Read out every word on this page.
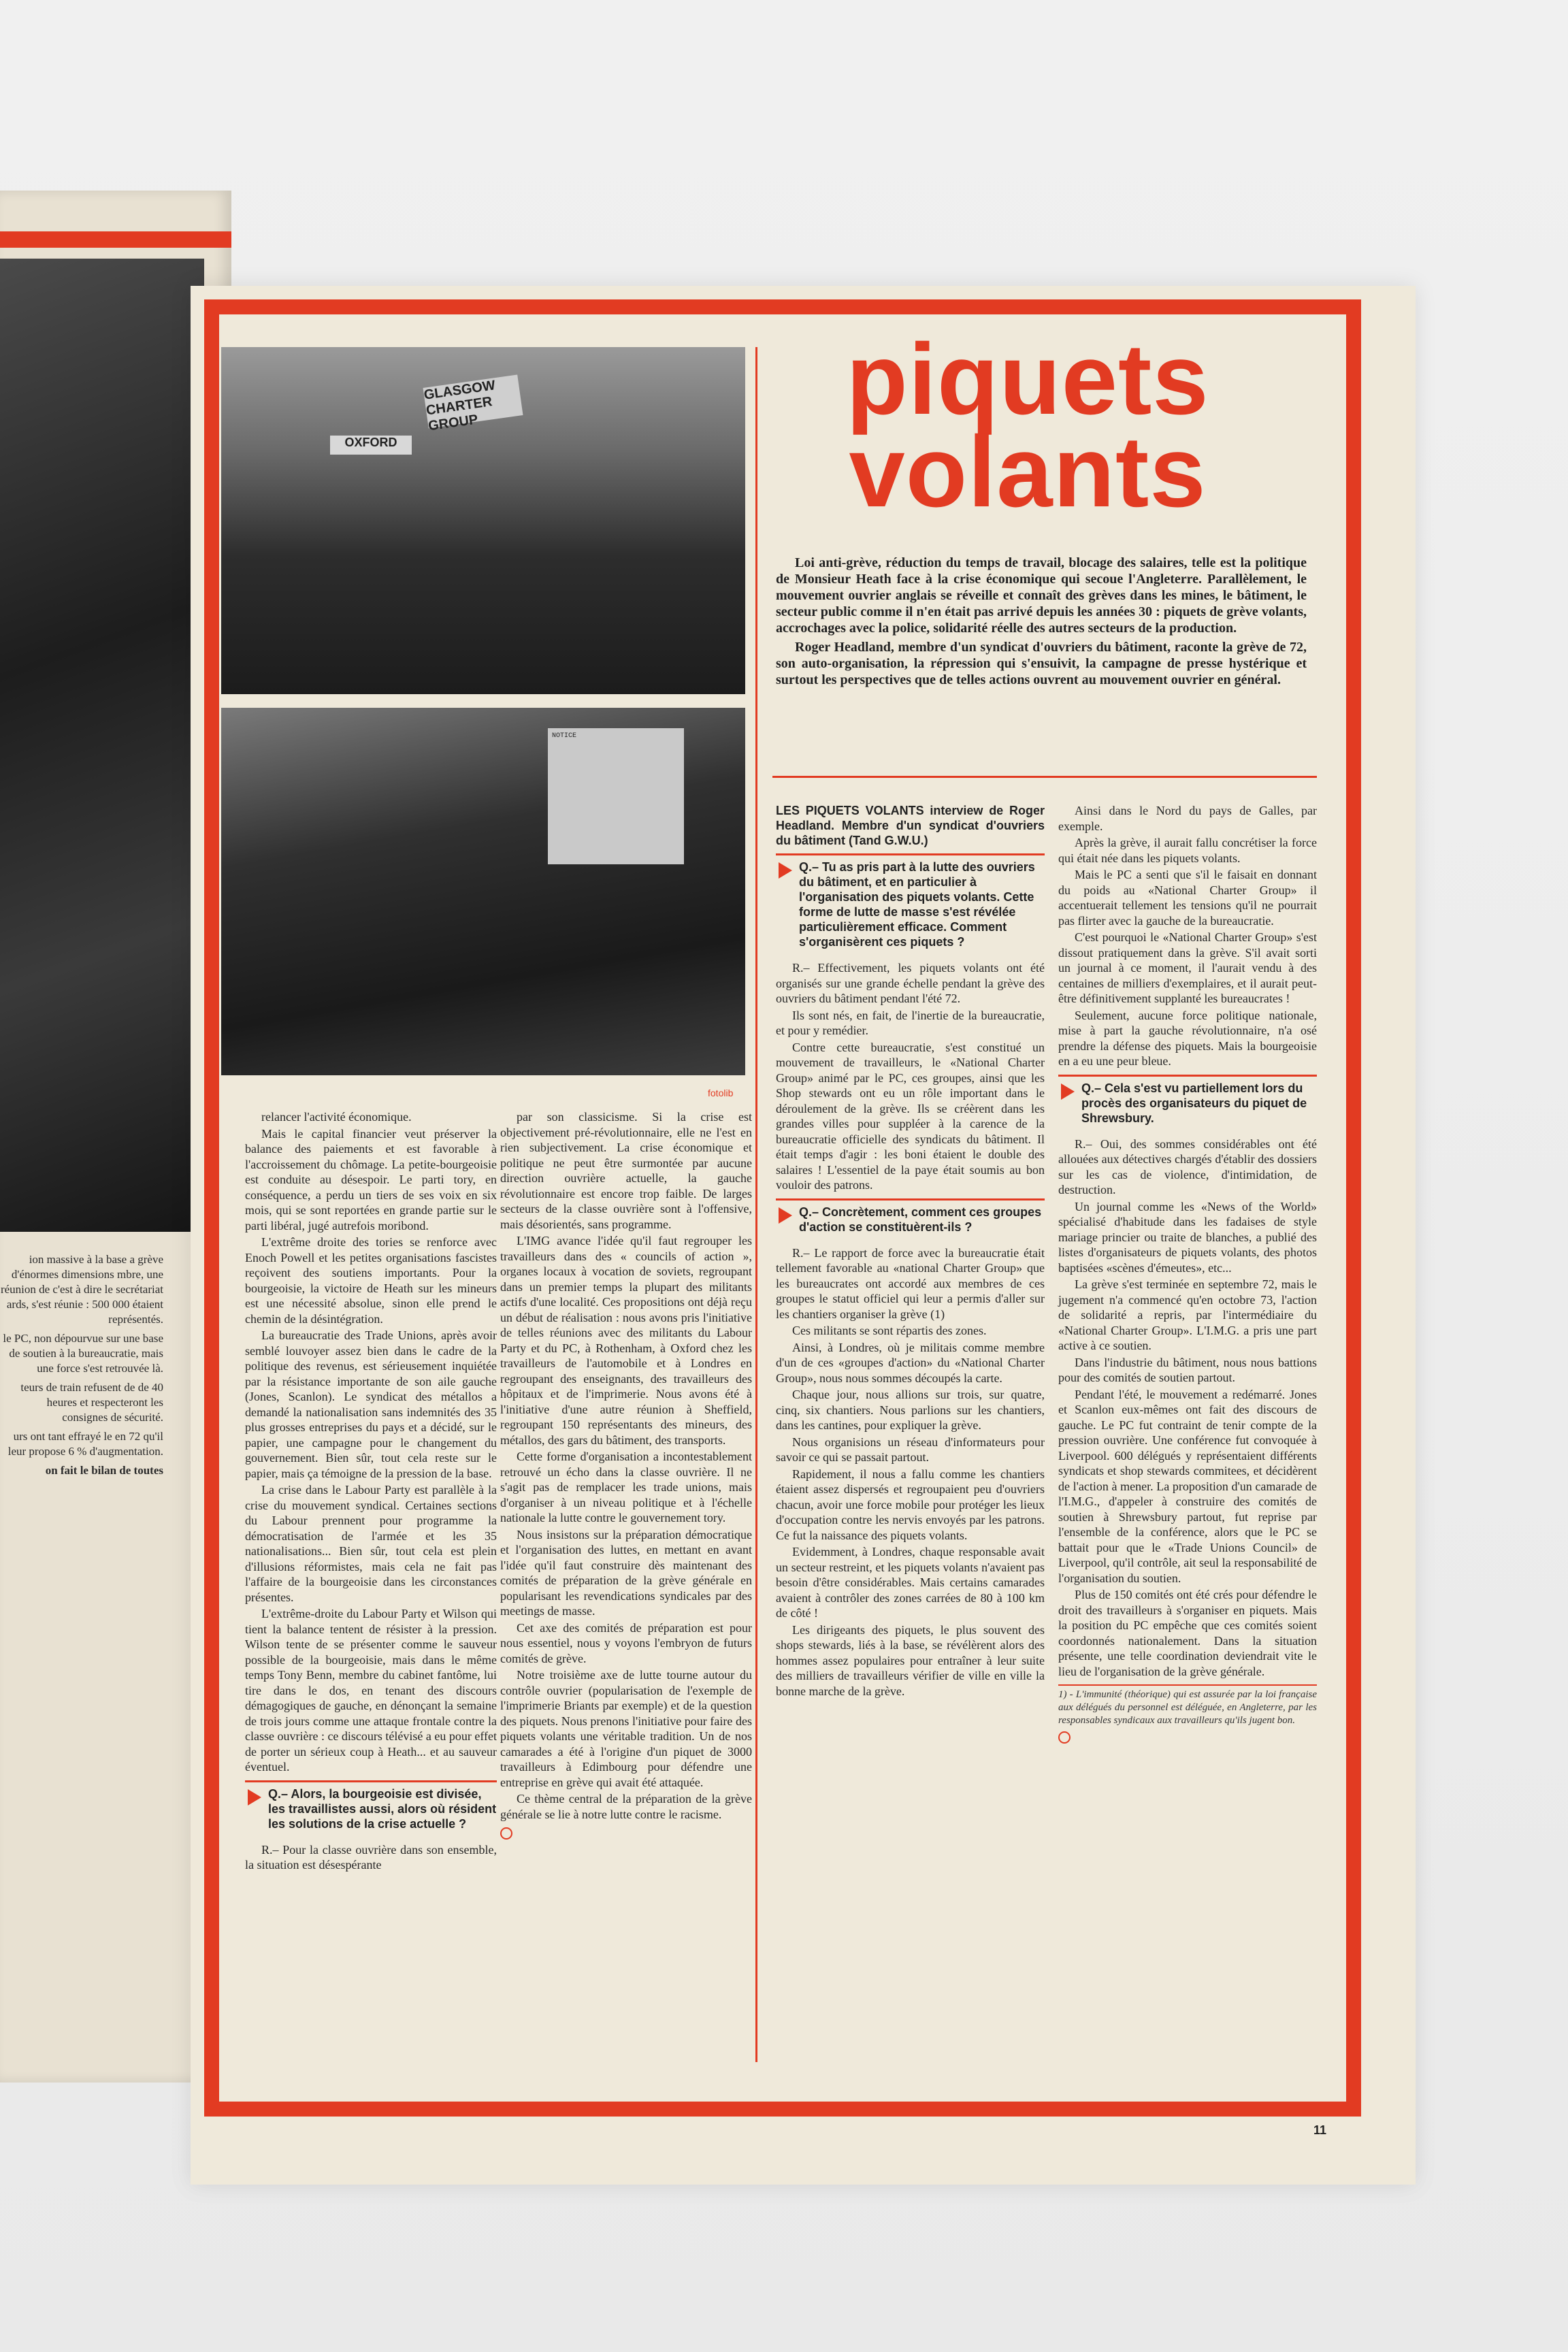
ion massive à la base a grève d'énormes dimensions mbre, une réunion de c'est à dire le secrétariat ards, s'est réunie : 500 000 étaient représentés.

le PC, non dépourvue sur une base de soutien à la bureaucratie, mais une force s'est retrouvée là.

teurs de train refusent de de 40 heures et respecteront les consignes de sécurité.

urs ont tant effrayé le en 72 qu'il leur propose 6 % d'augmentation.

on fait le bilan de toutes

GLASGOW CHARTER GROUP
OXFORD
NOTICE
fotolib
piquets
volants

Loi anti-grève, réduction du temps de travail, blocage des salaires, telle est la politique de Monsieur Heath face à la crise économique qui secoue l'Angleterre. Parallèlement, le mouvement ouvrier anglais se réveille et connaît des grèves dans les mines, le bâtiment, le secteur public comme il n'en était pas arrivé depuis les années 30 : piquets de grève volants, accrochages avec la police, solidarité réelle des autres secteurs de la production.

Roger Headland, membre d'un syndicat d'ouvriers du bâtiment, raconte la grève de 72, son auto-organisation, la répression qui s'ensuivit, la campagne de presse hystérique et surtout les perspectives que de telles actions ouvrent au mouvement ouvrier en général.

relancer l'activité économique.

Mais le capital financier veut préserver la balance des paiements et est favorable à l'accroissement du chômage. La petite-bourgeoisie est conduite au désespoir. Le parti tory, en conséquence, a perdu un tiers de ses voix en six mois, qui se sont reportées en grande partie sur le parti libéral, jugé autrefois moribond.

L'extrême droite des tories se renforce avec Enoch Powell et les petites organisations fascistes reçoivent des soutiens importants. Pour la bourgeoisie, la victoire de Heath sur les mineurs est une nécessité absolue, sinon elle prend le chemin de la désintégration.

La bureaucratie des Trade Unions, après avoir semblé louvoyer assez bien dans le cadre de la politique des revenus, est sérieusement inquiétée par la résistance importante de son aile gauche (Jones, Scanlon). Le syndicat des métallos a demandé la nationalisation sans indemnités des 35 plus grosses entreprises du pays et a décidé, sur le papier, une campagne pour le changement du gouvernement. Bien sûr, tout cela reste sur le papier, mais ça témoigne de la pression de la base.

La crise dans le Labour Party est parallèle à la crise du mouvement syndical. Certaines sections du Labour prennent pour programme la démocratisation de l'armée et les 35 nationalisations... Bien sûr, tout cela est plein d'illusions réformistes, mais cela ne fait pas l'affaire de la bourgeoisie dans les circonstances présentes.

L'extrême-droite du Labour Party et Wilson qui tient la balance tentent de résister à la pression. Wilson tente de se présenter comme le sauveur possible de la bourgeoisie, mais dans le même temps Tony Benn, membre du cabinet fantôme, lui tire dans le dos, en tenant des discours démagogiques de gauche, en dénonçant la semaine de trois jours comme une attaque frontale contre la classe ouvrière : ce discours télévisé a eu pour effet de porter un sérieux coup à Heath... et au sauveur éventuel.

Q.– Alors, la bourgeoisie est divisée, les travaillistes aussi, alors où résident les solutions de la crise actuelle ?

R.– Pour la classe ouvrière dans son ensemble, la situation est désespérante

par son classicisme. Si la crise est objectivement pré-révolutionnaire, elle ne l'est en rien subjectivement. La crise économique et politique ne peut être surmontée par aucune direction ouvrière actuelle, la gauche révolutionnaire est encore trop faible. De larges secteurs de la classe ouvrière sont à l'offensive, mais désorientés, sans programme.

L'IMG avance l'idée qu'il faut regrouper les travailleurs dans des « councils of action », organes locaux à vocation de soviets, regroupant dans un premier temps la plupart des militants actifs d'une localité. Ces propositions ont déjà reçu un début de réalisation : nous avons pris l'initiative de telles réunions avec des militants du Labour Party et du PC, à Rothenham, à Oxford chez les travailleurs de l'automobile et à Londres en regroupant des enseignants, des travailleurs des hôpitaux et de l'imprimerie. Nous avons été à l'initiative d'une autre réunion à Sheffield, regroupant 150 représentants des mineurs, des métallos, des gars du bâtiment, des transports.

Cette forme d'organisation a incontestablement retrouvé un écho dans la classe ouvrière. Il ne s'agit pas de remplacer les trade unions, mais d'organiser à un niveau politique et à l'échelle nationale la lutte contre le gouvernement tory.

Nous insistons sur la préparation démocratique et l'organisation des luttes, en mettant en avant l'idée qu'il faut construire dès maintenant des comités de préparation de la grève générale en popularisant les revendications syndicales par des meetings de masse.

Cet axe des comités de préparation est pour nous essentiel, nous y voyons l'embryon de futurs comités de grève.

Notre troisième axe de lutte tourne autour du contrôle ouvrier (popularisation de l'exemple de l'imprimerie Briants par exemple) et de la question des piquets. Nous prenons l'initiative pour faire des piquets volants une véritable tradition. Un de nos camarades a été à l'origine d'un piquet de 3000 travailleurs à Edimbourg pour défendre une entreprise en grève qui avait été attaquée.

Ce thème central de la préparation de la grève générale se lie à notre lutte contre le racisme.

LES PIQUETS VOLANTS interview de Roger Headland. Membre d'un syndicat d'ouvriers du bâtiment (Tand G.W.U.)
Q.– Tu as pris part à la lutte des ouvriers du bâtiment, et en particulier à l'organisation des piquets volants. Cette forme de lutte de masse s'est révélée particulièrement efficace. Comment s'organisèrent ces piquets ?

R.– Effectivement, les piquets volants ont été organisés sur une grande échelle pendant la grève des ouvriers du bâtiment pendant l'été 72.

Ils sont nés, en fait, de l'inertie de la bureaucratie, et pour y remédier.

Contre cette bureaucratie, s'est constitué un mouvement de travailleurs, le «National Charter Group» animé par le PC, ces groupes, ainsi que les Shop stewards ont eu un rôle important dans le déroulement de la grève. Ils se créèrent dans les grandes villes pour suppléer à la carence de la bureaucratie officielle des syndicats du bâtiment. Il était temps d'agir : les boni étaient le double des salaires ! L'essentiel de la paye était soumis au bon vouloir des patrons.

Q.– Concrètement, comment ces groupes d'action se constituèrent-ils ?

R.– Le rapport de force avec la bureaucratie était tellement favorable au «national Charter Group» que les bureaucrates ont accordé aux membres de ces groupes le statut officiel qui leur a permis d'aller sur les chantiers organiser la grève (1)

Ces militants se sont répartis des zones.

Ainsi, à Londres, où je militais comme membre d'un de ces «groupes d'action» du «National Charter Group», nous nous sommes découpés la carte.

Chaque jour, nous allions sur trois, sur quatre, cinq, six chantiers. Nous parlions sur les chantiers, dans les cantines, pour expliquer la grève.

Nous organisions un réseau d'informateurs pour savoir ce qui se passait partout.

Rapidement, il nous a fallu comme les chantiers étaient assez dispersés et regroupaient peu d'ouvriers chacun, avoir une force mobile pour protéger les lieux d'occupation contre les nervis envoyés par les patrons. Ce fut la naissance des piquets volants.

Evidemment, à Londres, chaque responsable avait un secteur restreint, et les piquets volants n'avaient pas besoin d'être considérables. Mais certains camarades avaient à contrôler des zones carrées de 80 à 100 km de côté !

Les dirigeants des piquets, le plus souvent des shops stewards, liés à la base, se révélèrent alors des hommes assez populaires pour entraîner à leur suite des milliers de travailleurs vérifier de ville en ville la bonne marche de la grève.

Ainsi dans le Nord du pays de Galles, par exemple.

Après la grève, il aurait fallu concrétiser la force qui était née dans les piquets volants.

Mais le PC a senti que s'il le faisait en donnant du poids au «National Charter Group» il accentuerait tellement les tensions qu'il ne pourrait pas flirter avec la gauche de la bureaucratie.

C'est pourquoi le «National Charter Group» s'est dissout pratiquement dans la grève. S'il avait sorti un journal à ce moment, il l'aurait vendu à des centaines de milliers d'exemplaires, et il aurait peut-être définitivement supplanté les bureaucrates !

Seulement, aucune force politique nationale, mise à part la gauche révolutionnaire, n'a osé prendre la défense des piquets. Mais la bourgeoisie en a eu une peur bleue.

Q.– Cela s'est vu partiellement lors du procès des organisateurs du piquet de Shrewsbury.

R.– Oui, des sommes considérables ont été allouées aux détectives chargés d'établir des dossiers sur les cas de violence, d'intimidation, de destruction.

Un journal comme les «News of the World» spécialisé d'habitude dans les fadaises de style mariage princier ou traite de blanches, a publié des listes d'organisateurs de piquets volants, des photos baptisées «scènes d'émeutes», etc...

La grève s'est terminée en septembre 72, mais le jugement n'a commencé qu'en octobre 73, l'action de solidarité a repris, par l'intermédiaire du «National Charter Group». L'I.M.G. a pris une part active à ce soutien.

Dans l'industrie du bâtiment, nous nous battions pour des comités de soutien partout.

Pendant l'été, le mouvement a redémarré. Jones et Scanlon eux-mêmes ont fait des discours de gauche. Le PC fut contraint de tenir compte de la pression ouvrière. Une conférence fut convoquée à Liverpool. 600 délégués y représentaient différents syndicats et shop stewards commitees, et décidèrent de l'action à mener. La proposition d'un camarade de l'I.M.G., d'appeler à construire des comités de soutien à Shrewsbury partout, fut reprise par l'ensemble de la conférence, alors que le PC se battait pour que le «Trade Unions Council» de Liverpool, qu'il contrôle, ait seul la responsabilité de l'organisation du soutien.

Plus de 150 comités ont été crés pour défendre le droit des travailleurs à s'organiser en piquets. Mais la position du PC empêche que ces comités soient coordonnés nationalement. Dans la situation présente, une telle coordination deviendrait vite le lieu de l'organisation de la grève générale.

1) - L'immunité (théorique) qui est assurée par la loi française aux délégués du personnel est déléguée, en Angleterre, par les responsables syndicaux aux travailleurs qu'ils jugent bon.
11
